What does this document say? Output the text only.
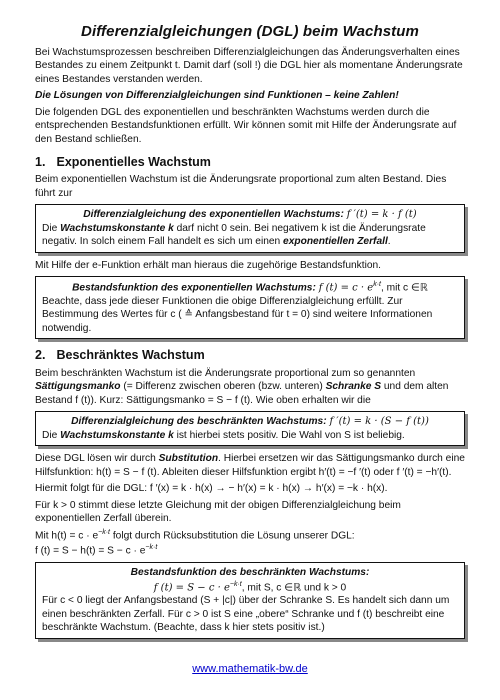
Differenzialgleichungen (DGL) beim Wachstum

Bei Wachstumsprozessen beschreiben Differenzialgleichungen das Änderungsverhalten eines Bestandes zu einem Zeitpunkt t. Damit darf (soll !) die DGL hier als momentane Änderungsrate eines Bestandes verstanden werden.

Die Lösungen von Differenzialgleichungen sind Funktionen – keine Zahlen!

Die folgenden DGL des exponentiellen und beschränkten Wachstums werden durch die entsprechenden Bestandsfunktionen erfüllt. Wir können somit mit Hilfe der Änderungsrate auf den Bestand schließen.

1. Exponentielles Wachstum

Beim exponentiellen Wachstum ist die Änderungsrate proportional zum alten Bestand. Dies führt zur

Differenzialgleichung des exponentiellen Wachstums: f ′(t) = k · f (t)
Die Wachstumskonstante k darf nicht 0 sein. Bei negativem k ist die Änderungsrate negativ. In solch einem Fall handelt es sich um einen exponentiellen Zerfall.

Mit Hilfe der e-Funktion erhält man hieraus die zugehörige Bestandsfunktion.

Bestandsfunktion des exponentiellen Wachstums: f $(t) = c \cdot e^{k\cdot t}$, mit c ∈ℝ
Beachte, dass jede dieser Funktionen die obige Differenzialgleichung erfüllt. Zur Bestimmung des Wertes für c ( ≙ Anfangsbestand für t = 0) sind weitere Informationen notwendig.
2. Beschränktes Wachstum

Beim beschränkten Wachstum ist die Änderungsrate proportional zum so genannten Sättigungsmanko (= Differenz zwischen oberen (bzw. unteren) Schranke S und dem alten Bestand f (t)). Kurz: Sättigungsmanko = S − f (t). Wie oben erhalten wir die

Differenzialgleichung des beschränkten Wachstums: f ′(t) = k · (S − f (t))
Die Wachstumskonstante k ist hierbei stets positiv. Die Wahl von S ist beliebig.

Diese DGL lösen wir durch Substitution. Hierbei ersetzen wir das Sättigungsmanko durch eine Hilfsfunktion: h(t) = S − f (t). Ableiten dieser Hilfsfunktion ergibt h′(t) = −f ′(t) oder f ′(t) = −h′(t).

Hiermit folgt für die DGL: f ′(x) = k · h(x) → − h′(x) = k · h(x) → h′(x) = −k · h(x).

Für k > 0 stimmt diese letzte Gleichung mit der obigen Differenzialgleichung beim exponentiellen Zerfall überein.

Mit $h(t) = c \cdot e^{-k\cdot t}$ folgt durch Rücksubstitution die Lösung unserer DGL:
f $(t) = S - h(t) = S - c \cdot e^{-k\cdot t}$

Bestandsfunktion des beschränkten Wachstums:
f $(t) = S - c \cdot e^{-k\cdot t}$, mit S, c ∈ℝ und k > 0
Für c < 0 liegt der Anfangsbestand (S + |c|) über der Schranke S. Es handelt sich dann um einen beschränkten Zerfall. Für c > 0 ist S eine „obere“ Schranke und f (t) beschreibt eine beschränkte Wachstum. (Beachte, dass k hier stets positiv ist.)
www.mathematik-bw.de
